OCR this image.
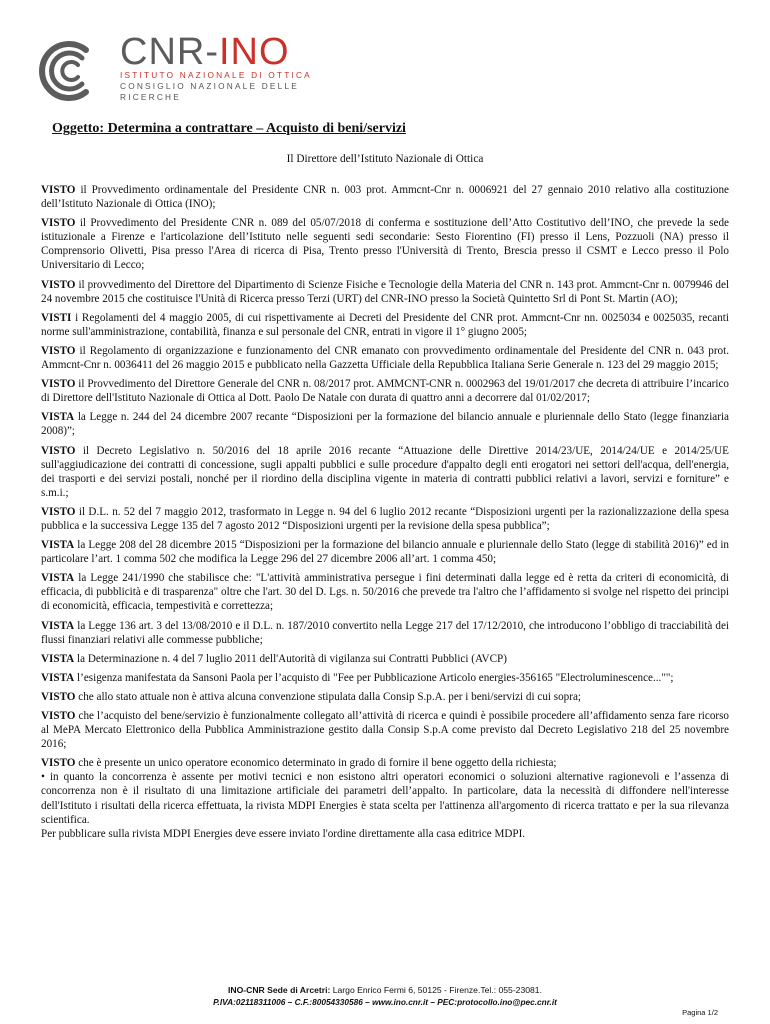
CNR-INO
ISTITUTO NAZIONALE DI OTTICA
CONSIGLIO NAZIONALE DELLE RICERCHE
Oggetto: Determina a contrattare – Acquisto di beni/servizi
Il Direttore dell’Istituto Nazionale di Ottica
VISTO il Provvedimento ordinamentale del Presidente CNR n. 003 prot. Ammcnt-Cnr n. 0006921 del 27 gennaio 2010 relativo alla costituzione dell’Istituto Nazionale di Ottica (INO);
VISTO il Provvedimento del Presidente CNR n. 089 del 05/07/2018 di conferma e sostituzione dell’Atto Costitutivo dell’INO, che prevede la sede istituzionale a Firenze e l'articolazione dell’Istituto nelle seguenti sedi secondarie: Sesto Fiorentino (FI) presso il Lens, Pozzuoli (NA) presso il Comprensorio Olivetti, Pisa presso l'Area di ricerca di Pisa, Trento presso l'Università di Trento, Brescia presso il CSMT e Lecco presso il Polo Universitario di Lecco;
VISTO il provvedimento del Direttore del Dipartimento di Scienze Fisiche e Tecnologie della Materia del CNR n. 143 prot. Ammcnt-Cnr n. 0079946 del 24 novembre 2015 che costituisce l'Unità di Ricerca presso Terzi (URT) del CNR-INO presso la Società Quintetto Srl di Pont St. Martin (AO);
VISTI i Regolamenti del 4 maggio 2005, di cui rispettivamente ai Decreti del Presidente del CNR prot. Ammcnt-Cnr nn. 0025034 e 0025035, recanti norme sull'amministrazione, contabilità, finanza e sul personale del CNR, entrati in vigore il 1° giugno 2005;
VISTO il Regolamento di organizzazione e funzionamento del CNR emanato con provvedimento ordinamentale del Presidente del CNR n. 043 prot. Ammcnt-Cnr n. 0036411 del 26 maggio 2015 e pubblicato nella Gazzetta Ufficiale della Repubblica Italiana Serie Generale n. 123 del 29 maggio 2015;
VISTO il Provvedimento del Direttore Generale del CNR n. 08/2017 prot. AMMCNT-CNR n. 0002963 del 19/01/2017 che decreta di attribuire l’incarico di Direttore dell'Istituto Nazionale di Ottica al Dott. Paolo De Natale con durata di quattro anni a decorrere dal 01/02/2017;
VISTA la Legge n. 244 del 24 dicembre 2007 recante “Disposizioni per la formazione del bilancio annuale e pluriennale dello Stato (legge finanziaria 2008)”;
VISTO il Decreto Legislativo n. 50/2016 del 18 aprile 2016 recante “Attuazione delle Direttive 2014/23/UE, 2014/24/UE e 2014/25/UE sull'aggiudicazione dei contratti di concessione, sugli appalti pubblici e sulle procedure d'appalto degli enti erogatori nei settori dell'acqua, dell'energia, dei trasporti e dei servizi postali, nonché per il riordino della disciplina vigente in materia di contratti pubblici relativi a lavori, servizi e forniture” e s.m.i.;
VISTO il D.L. n. 52 del 7 maggio 2012, trasformato in Legge n. 94 del 6 luglio 2012 recante “Disposizioni urgenti per la razionalizzazione della spesa pubblica e la successiva Legge 135 del 7 agosto 2012 “Disposizioni urgenti per la revisione della spesa pubblica”;
VISTA la Legge 208 del 28 dicembre 2015 “Disposizioni per la formazione del bilancio annuale e pluriennale dello Stato (legge di stabilità 2016)” ed in particolare l’art. 1 comma 502 che modifica la Legge 296 del 27 dicembre 2006 all’art. 1 comma 450;
VISTA la Legge 241/1990 che stabilisce che: "L'attività amministrativa persegue i fini determinati dalla legge ed è retta da criteri di economicità, di efficacia, di pubblicità e di trasparenza" oltre che l'art. 30 del D. Lgs. n. 50/2016 che prevede tra l'altro che l’affidamento si svolge nel rispetto dei principi di economicità, efficacia, tempestività e correttezza;
VISTA la Legge 136 art. 3 del 13/08/2010 e il D.L. n. 187/2010 convertito nella Legge 217 del 17/12/2010, che introducono l’obbligo di tracciabilità dei flussi finanziari relativi alle commesse pubbliche;
VISTA la Determinazione n. 4 del 7 luglio 2011 dell'Autorità di vigilanza sui Contratti Pubblici (AVCP)
VISTA l’esigenza manifestata da Sansoni Paola per l’acquisto di "Fee per Pubblicazione Articolo energies-356165 "Electroluminescence..."";
VISTO che allo stato attuale non è attiva alcuna convenzione stipulata dalla Consip S.p.A. per i beni/servizi di cui sopra;
VISTO che l’acquisto del bene/servizio è funzionalmente collegato all’attività di ricerca e quindi è possibile procedere all’affidamento senza fare ricorso al MePA Mercato Elettronico della Pubblica Amministrazione gestito dalla Consip S.p.A come previsto dal Decreto Legislativo 218 del 25 novembre 2016;
VISTO che è presente un unico operatore economico determinato in grado di fornire il bene oggetto della richiesta;
• in quanto la concorrenza è assente per motivi tecnici e non esistono altri operatori economici o soluzioni alternative ragionevoli e l’assenza di concorrenza non è il risultato di una limitazione artificiale dei parametri dell’appalto. In particolare, data la necessità di diffondere nell'interesse dell'Istituto i risultati della ricerca effettuata, la rivista MDPI Energies è stata scelta per l'attinenza all'argomento di ricerca trattato e per la sua rilevanza scientifica.
Per pubblicare sulla rivista MDPI Energies deve essere inviato l'ordine direttamente alla casa editrice MDPI.
INO-CNR Sede di Arcetri: Largo Enrico Fermi 6, 50125 - Firenze.Tel.: 055-23081.
P.IVA:02118311006 – C.F.:80054330586 – www.ino.cnr.it – PEC:protocollo.ino@pec.cnr.it
Pagina 1/2
